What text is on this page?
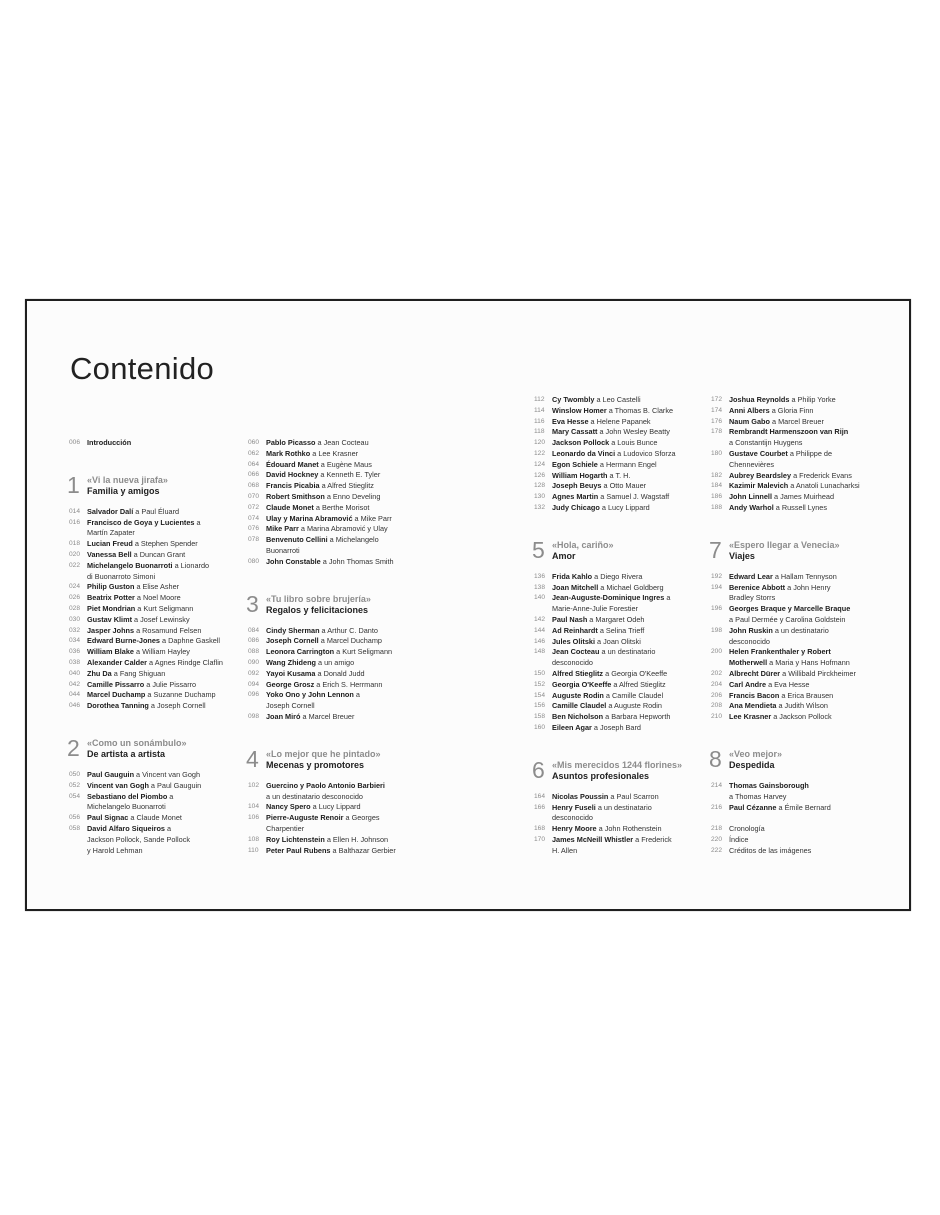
Contenido
006 Introducción
1 «Vi la nueva jirafa»
Familia y amigos
014 Salvador Dalí a Paul Éluard
016 Francisco de Goya y Lucientes a
Martín Zapater
018 Lucian Freud a Stephen Spender
020 Vanessa Bell a Duncan Grant
022 Michelangelo Buonarroti a Lionardo
di Buonarroto Simoni
024 Philip Guston a Elise Asher
026 Beatrix Potter a Noel Moore
028 Piet Mondrian a Kurt Seligmann
030 Gustav Klimt a Josef Lewinsky
032 Jasper Johns a Rosamund Felsen
034 Edward Burne-Jones a Daphne Gaskell
036 William Blake a William Hayley
038 Alexander Calder a Agnes Rindge Claflin
040 Zhu Da a Fang Shiguan
042 Camille Pissarro a Julie Pissarro
044 Marcel Duchamp a Suzanne Duchamp
046 Dorothea Tanning a Joseph Cornell
2 «Como un sonámbulo»
De artista a artista
050 Paul Gauguin a Vincent van Gogh
052 Vincent van Gogh a Paul Gauguin
054 Sebastiano del Piombo a
Michelangelo Buonarroti
056 Paul Signac a Claude Monet
058 David Alfaro Siqueiros a
Jackson Pollock, Sande Pollock
y Harold Lehman
060 Pablo Picasso a Jean Cocteau
062 Mark Rothko a Lee Krasner
064 Édouard Manet a Eugène Maus
066 David Hockney a Kenneth E. Tyler
068 Francis Picabia a Alfred Stieglitz
070 Robert Smithson a Enno Develing
072 Claude Monet a Berthe Morisot
074 Ulay y Marina Abramović a Mike Parr
076 Mike Parr a Marina Abramović y Ulay
078 Benvenuto Cellini a Michelangelo
Buonarroti
080 John Constable a John Thomas Smith
3 «Tu libro sobre brujería»
Regalos y felicitaciones
084 Cindy Sherman a Arthur C. Danto
086 Joseph Cornell a Marcel Duchamp
088 Leonora Carrington a Kurt Seligmann
090 Wang Zhideng a un amigo
092 Yayoi Kusama a Donald Judd
094 George Grosz a Erich S. Herrmann
096 Yoko Ono y John Lennon a
Joseph Cornell
098 Joan Miró a Marcel Breuer
4 «Lo mejor que he pintado»
Mecenas y promotores
102 Guercino y Paolo Antonio Barbieri
a un destinatario desconocido
104 Nancy Spero a Lucy Lippard
106 Pierre-Auguste Renoir a Georges
Charpentier
108 Roy Lichtenstein a Ellen H. Johnson
110	Peter Paul Rubens a Balthazar Gerbier
112	Cy Twombly a Leo Castelli
114	Winslow Homer a Thomas B. Clarke
116	Eva Hesse a Helene Papanek
118	Mary Cassatt a John Wesley Beatty
120 Jackson Pollock a Louis Bunce
122 Leonardo da Vinci a Ludovico Sforza
124 Egon Schiele a Hermann Engel
126 William Hogarth a T. H.
128 Joseph Beuys a Otto Mauer
130 Agnes Martin a Samuel J. Wagstaff
132 Judy Chicago a Lucy Lippard
5 «Hola, cariño»
Amor
136 Frida Kahlo a Diego Rivera
138 Joan Mitchell a Michael Goldberg
140 Jean-Auguste-Dominique Ingres a
Marie-Anne-Julie Forestier
142 Paul Nash a Margaret Odeh
144 Ad Reinhardt a Selina Trieff
146 Jules Olitski a Joan Olitski
148 Jean Cocteau a un destinatario
desconocido
150 Alfred Stieglitz a Georgia O'Keeffe
152 Georgia O'Keeffe a Alfred Stieglitz
154 Auguste Rodin a Camille Claudel
156 Camille Claudel a Auguste Rodin
158 Ben Nicholson a Barbara Hepworth
160 Eileen Agar a Joseph Bard
6 «Mis merecidos 1244 florines»
Asuntos profesionales
164 Nicolas Poussin a Paul Scarron
166 Henry Fuseli a un destinatario
desconocido
168 Henry Moore a John Rothenstein
170 James McNeill Whistler a Frederick
H. Allen
172 Joshua Reynolds a Philip Yorke
174 Anni Albers a Gloria Finn
176 Naum Gabo a Marcel Breuer
178 Rembrandt Harmenszoon van Rijn
a Constantijn Huygens
180 Gustave Courbet a Philippe de
Chennevières
182 Aubrey Beardsley a Frederick Evans
184 Kazimir Malevich a Anatoli Lunacharksi
186 John Linnell a James Muirhead
188 Andy Warhol a Russell Lynes
7 «Espero llegar a Venecia»
Viajes
192 Edward Lear a Hallam Tennyson
194 Berenice Abbott a John Henry
Bradley Storrs
196 Georges Braque y Marcelle Braque
a Paul Dermée y Carolina Goldstein
198 John Ruskin a un destinatario
desconocido
200 Helen Frankenthaler y Robert
Motherwell a Maria y Hans Hofmann
202 Albrecht Dürer a Willibald Pirckheimer
204 Carl Andre a Eva Hesse
206 Francis Bacon a Erica Brausen
208 Ana Mendieta a Judith Wilson
210 Lee Krasner a Jackson Pollock
8 «Veo mejor»
Despedida
214 Thomas Gainsborough
a Thomas Harvey
216 Paul Cézanne a Émile Bernard

218 Cronología
220 Índice
222 Créditos de las imágenes
